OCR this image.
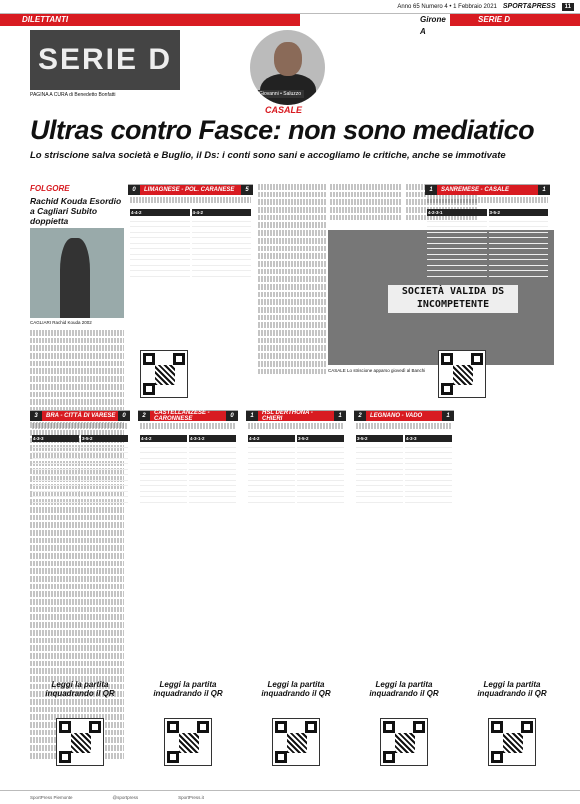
Anno 65 Numero 4 • 1 Febbraio 2021 SPORT&PRESS	11
DILETTANTI	Girone A
SERIE D
SERIE D
PAGINA A CURA di Benedetto Bonfatti	Giovanni • Saluzzo
CASALE
Ultras contro Fasce: non sono mediatico
Lo striscione salva società e Buglio, il Ds: i conti sono sani e accogliamo le critiche, anche se immotivate
FOLGORE
Rachid Kouda Esordio a Cagliari Subito doppietta
CAGLIARI Rachid Kouda 2002
SOCIETÀ VALIDA DS INCOMPETENTE
CASALE Lo striscione apparso giovedì al Banchi
0	LIMAGNESE - POL. CARANESE	5
4-4-2	4-4-2
1	SANREMESE - CASALE	1
4-2-3-1	3-5-2
3	BRA - CITTÀ DI VARESE	0
4-3-3	3-5-2
2	CASTELLANZESE - CARONNESE	0
4-4-2	4-3-1-2
1	HSL DERTHONA - CHIERI	1
4-4-2	3-5-2
2	LEGNANO - VADO	1
3-5-2	4-3-3
Leggi la partita inquadrando il QR
Leggi la partita inquadrando il QR
Leggi la partita inquadrando il QR
Leggi la partita inquadrando il QR
Leggi la partita inquadrando il QR
SportPress Piemonte	@sportpress	SportPress.it
